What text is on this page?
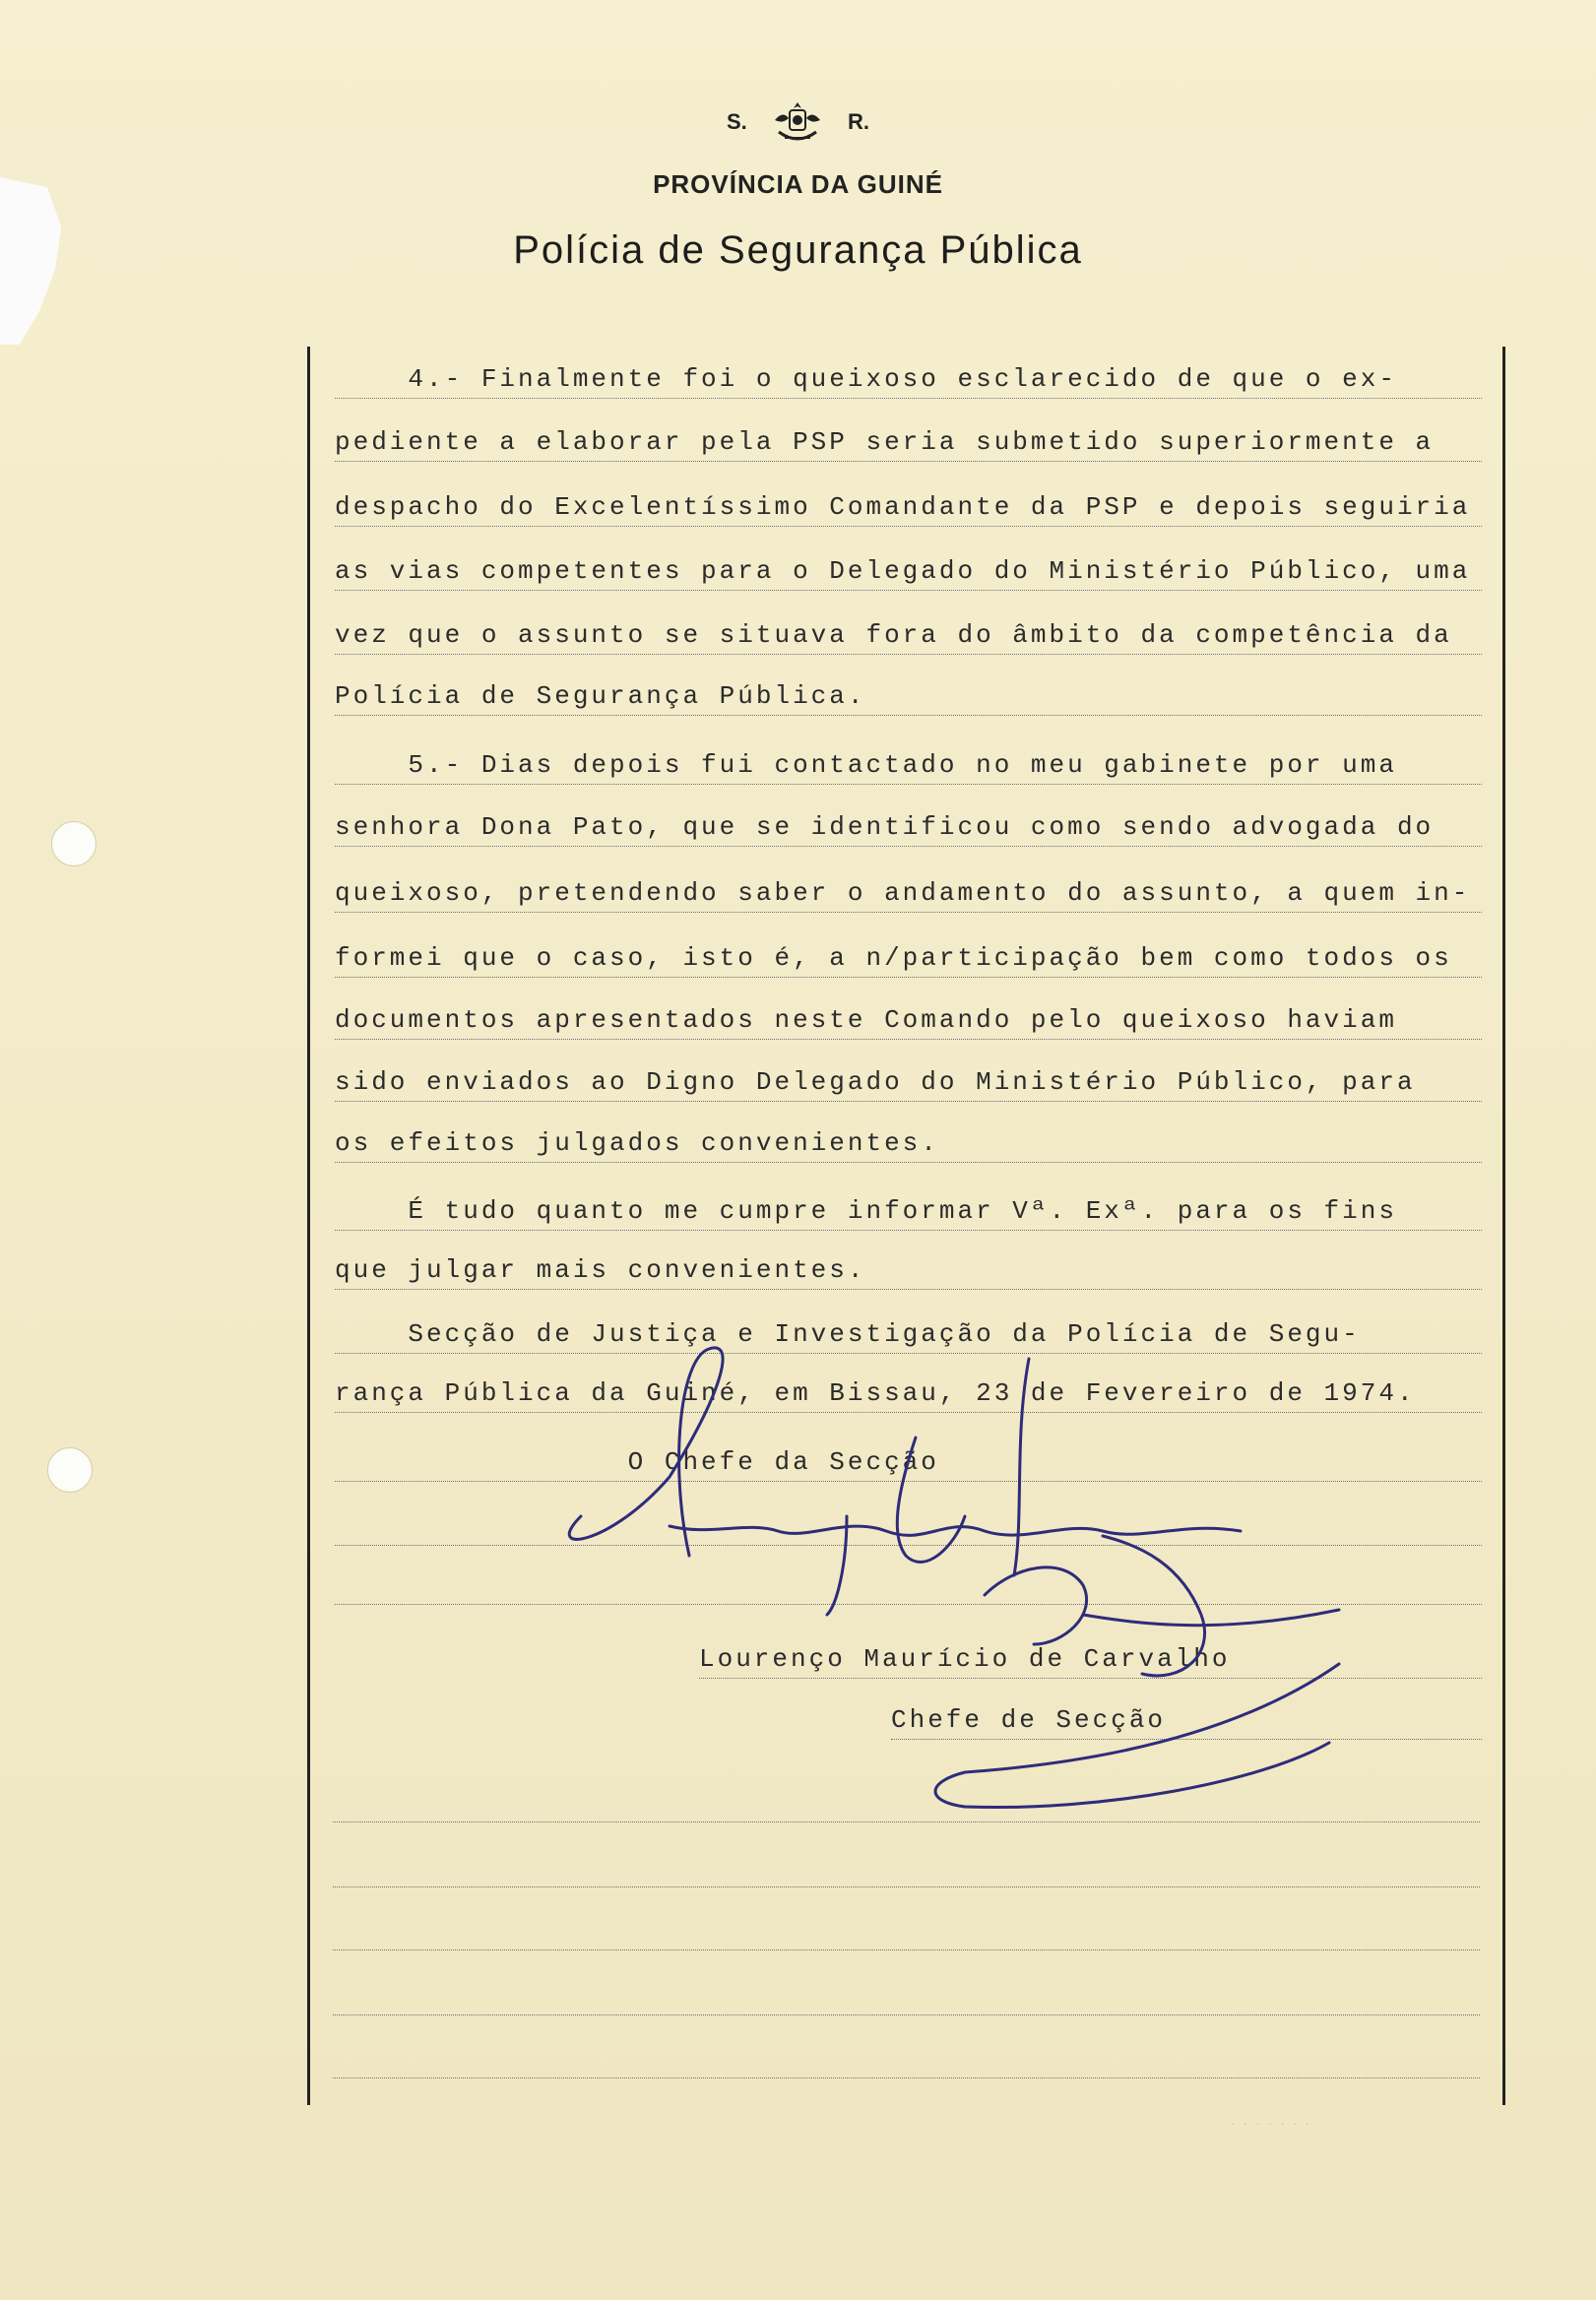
S.	R.
PROVÍNCIA DA GUINÉ
Polícia de Segurança Pública
4.- Finalmente foi o queixoso esclarecido de que o ex-
pediente a elaborar pela PSP seria submetido superiormente a
despacho do Excelentíssimo Comandante da PSP e depois seguiria
as vias competentes para o Delegado do Ministério Público, uma
vez que o assunto se situava fora do âmbito da competência da
Polícia de Segurança Pública.
5.- Dias depois fui contactado no meu gabinete por uma
senhora Dona Pato, que se identificou como sendo advogada do
queixoso, pretendendo saber o andamento do assunto, a quem in-
formei que o caso, isto é, a n/participação bem como todos os
documentos apresentados neste Comando pelo queixoso haviam
sido enviados ao Digno Delegado do Ministério Público, para
os efeitos julgados convenientes.
É tudo quanto me cumpre informar Vª. Exª. para os fins
que julgar mais convenientes.
Secção de Justiça e Investigação da Polícia de Segu-
rança Pública da Guiné, em Bissau, 23 de Fevereiro de 1974.
O Chefe da Secção
Lourenço Maurício de Carvalho
Chefe de Secção
· · · · · · ·
